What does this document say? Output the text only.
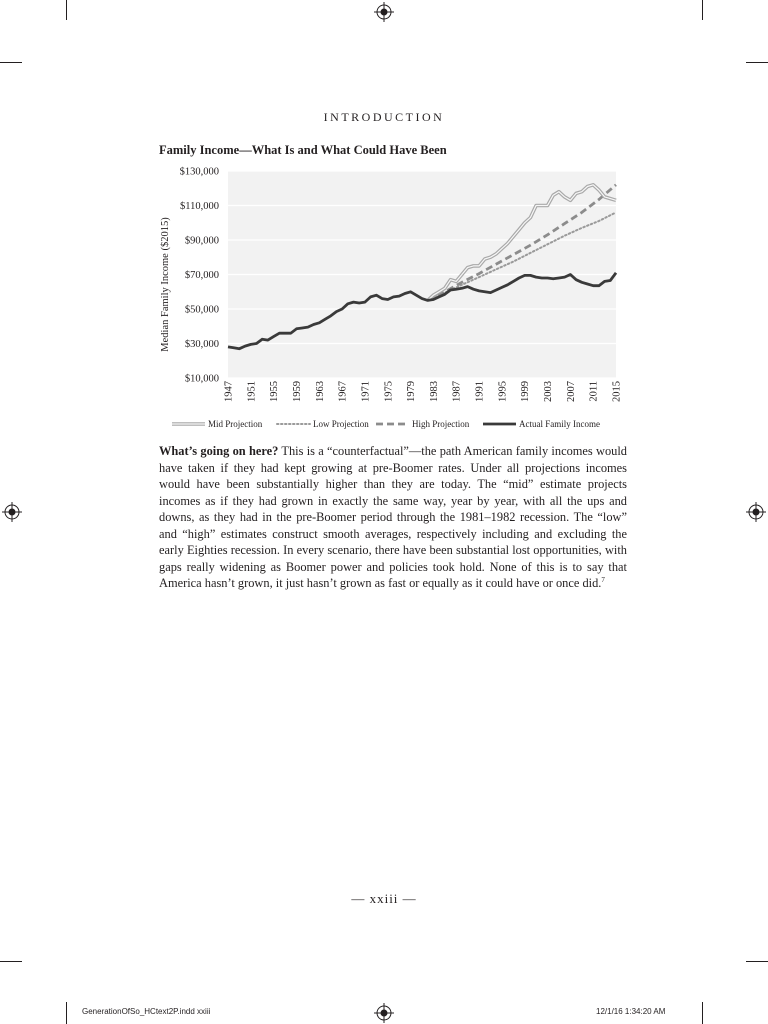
INTRODUCTION
Family Income—What Is and What Could Have Been
$10,000
$30,000
$50,000
$70,000
$90,000
$110,000
$130,000
1947 1951 1955 1959 1963 1967 1971 1975 1979 1983 1987 1991 1995 1999 2003 2007 2011 2015
Median Family Income ($2015)
Mid Projection	Low Projection	High Projection	Actual Family Income
What’s going on here? This is a “counterfactual”—the path American family incomes would have taken if they had kept growing at pre-Boomer rates. Under all projections incomes would have been substantially higher than they are today. The “mid” estimate projects incomes as if they had grown in exactly the same way, year by year, with all the ups and downs, as they had in the pre-Boomer period through the 1981–1982 recession. The “low” and “high” estimates construct smooth averages, respectively including and excluding the early Eighties recession. In every scenario, there have been substantial lost opportunities, with gaps really widening as Boomer power and policies took hold. None of this is to say that America hasn’t grown, it just hasn’t grown as fast or equally as it could have or once did.$^7$
— xxiii —
GenerationOfSo_HCtext2P.indd xxiii	12/1/16 1:34:20 AM
